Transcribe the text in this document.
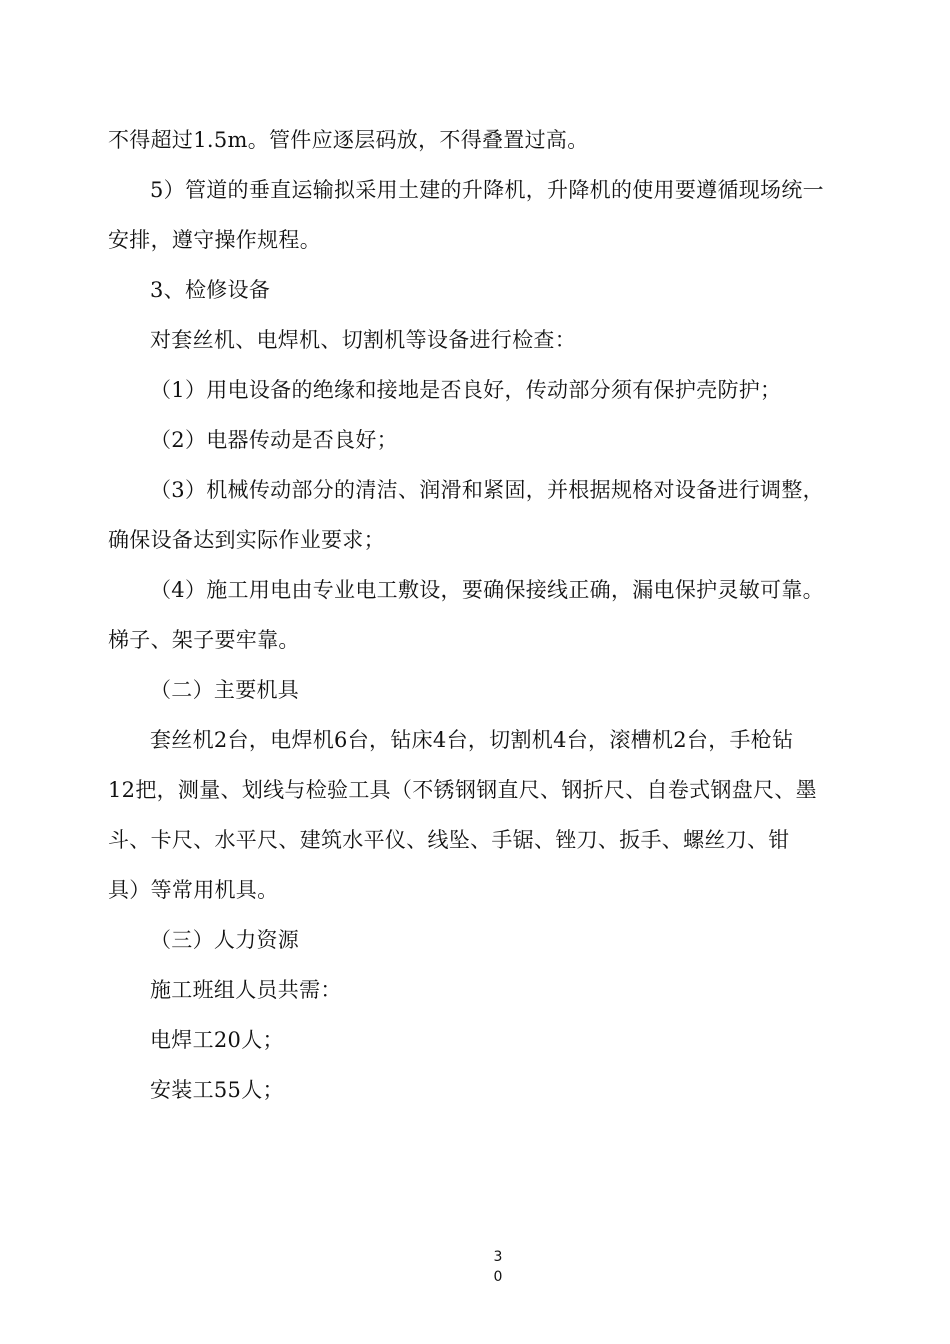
不得超过1.5m。管件应逐层码放，不得叠置过高。
5）管道的垂直运输拟采用土建的升降机，升降机的使用要遵循现场统一
安排，遵守操作规程。
3、检修设备
对套丝机、电焊机、切割机等设备进行检查：
（1）用电设备的绝缘和接地是否良好，传动部分须有保护壳防护；
（2）电器传动是否良好；
（3）机械传动部分的清洁、润滑和紧固，并根据规格对设备进行调整，
确保设备达到实际作业要求；
（4）施工用电由专业电工敷设，要确保接线正确，漏电保护灵敏可靠。
梯子、架子要牢靠。
（二）主要机具
套丝机2台，电焊机6台，钻床4台，切割机4台，滚槽机2台，手枪钻
12把，测量、划线与检验工具（不锈钢钢直尺、钢折尺、自卷式钢盘尺、墨
斗、卡尺、水平尺、建筑水平仪、线坠、手锯、锉刀、扳手、螺丝刀、钳
具）等常用机具。
（三）人力资源
施工班组人员共需：
电焊工20人；
安装工55人；
3
0
